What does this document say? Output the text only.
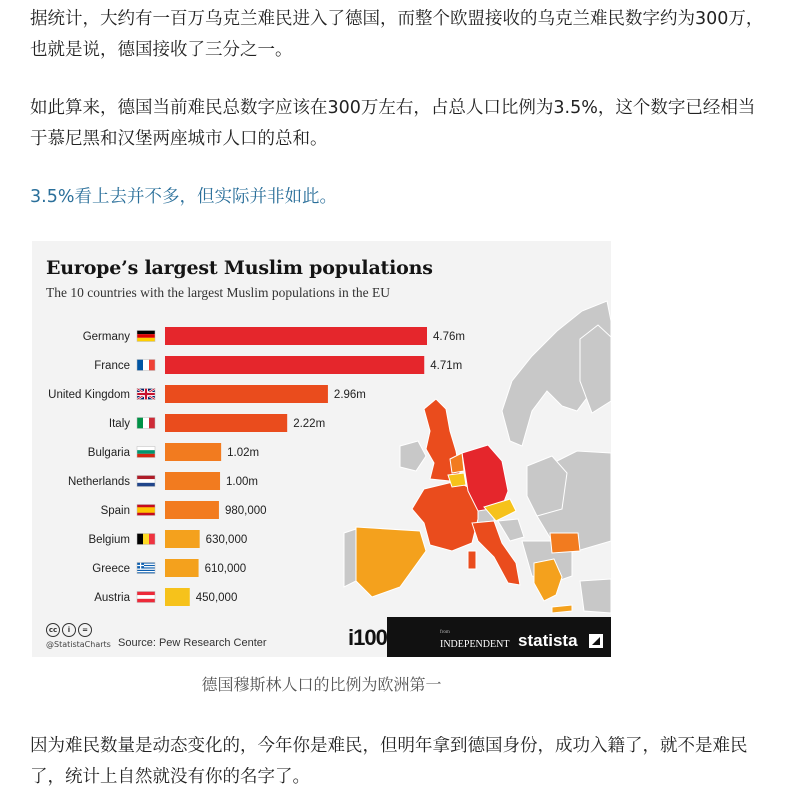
据统计，大约有一百万乌克兰难民进入了德国，而整个欧盟接收的乌克兰难民数字约为300万，也就是说，德国接收了三分之一。

如此算来，德国当前难民总数字应该在300万左右，占总人口比例为3.5%，这个数字已经相当于慕尼黑和汉堡两座城市人口的总和。

3.5%看上去并不多，但实际并非如此。

Germany	4.76m
France	4.71m
United Kingdom	2.96m
Italy	2.22m
Bulgaria	1.02m
Netherlands	1.00m
Spain	980,000
Belgium	630,000
Greece	610,000
Austria	450,000
Europe’s largest Muslim populations
The 10 countries with the largest Muslim populations in the EU
cc i =
@StatistaCharts Source: Pew Research Center	i100	from
INDEPENDENT statista
德国穆斯林人口的比例为欧洲第一

因为难民数量是动态变化的，今年你是难民，但明年拿到德国身份，成功入籍了，就不是难民了，统计上自然就没有你的名字了。
